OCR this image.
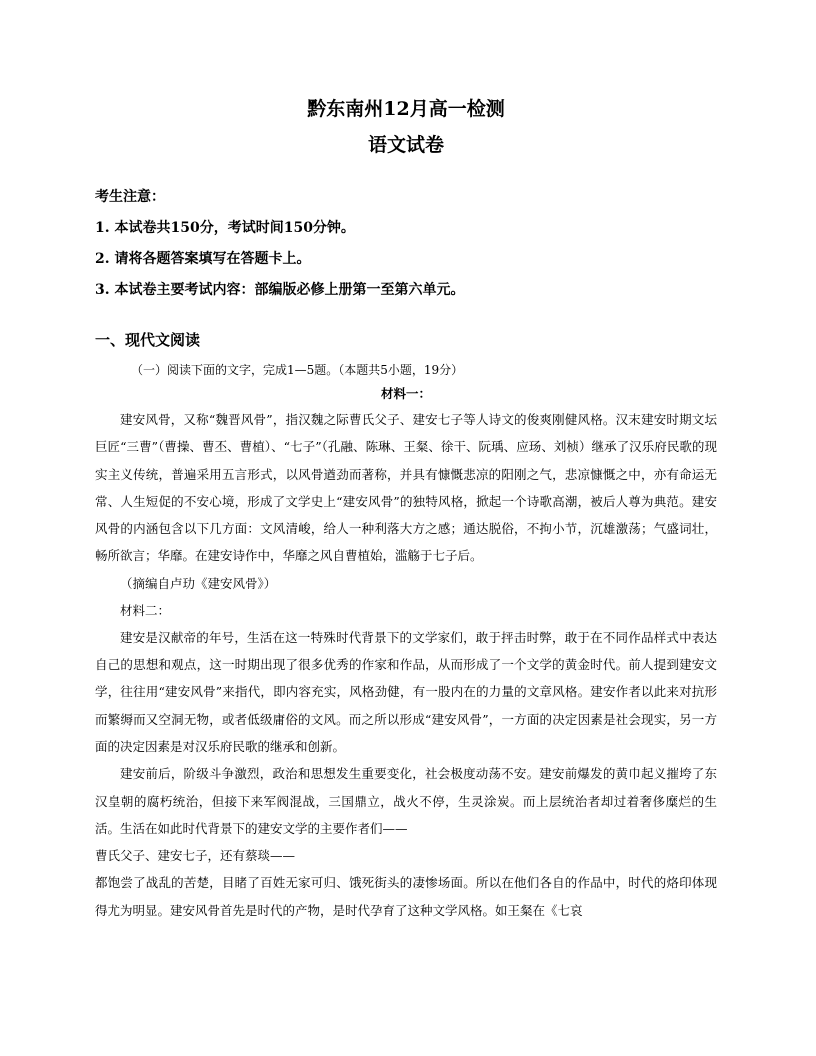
黔东南州12月高一检测
语文试卷

考生注意：

1. 本试卷共150分，考试时间150分钟。

2. 请将各题答案填写在答题卡上。

3. 本试卷主要考试内容：部编版必修上册第一至第六单元。

一、现代文阅读

（一）阅读下面的文字，完成1—5题。（本题共5小题，19分）

材料一：

建安风骨，又称“魏晋风骨”，指汉魏之际曹氏父子、建安七子等人诗文的俊爽刚健风格。汉末建安时期文坛巨匠“三曹”（曹操、曹丕、曹植）、“七子”（孔融、陈琳、王粲、徐干、阮瑀、应玚、刘桢）继承了汉乐府民歌的现实主义传统，普遍采用五言形式，以风骨遒劲而著称，并具有慷慨悲凉的阳刚之气，悲凉慷慨之中，亦有命运无常、人生短促的不安心境，形成了文学史上“建安风骨”的独特风格，掀起一个诗歌高潮，被后人尊为典范。建安风骨的内涵包含以下几方面：文风清峻，给人一种利落大方之感；通达脱俗，不拘小节，沉雄激荡；气盛词壮，畅所欲言；华靡。在建安诗作中，华靡之风自曹植始，滥觞于七子后。

（摘编自卢玏《建安风骨》）

材料二：

建安是汉献帝的年号，生活在这一特殊时代背景下的文学家们，敢于抨击时弊，敢于在不同作品样式中表达自己的思想和观点，这一时期出现了很多优秀的作家和作品，从而形成了一个文学的黄金时代。前人提到建安文学，往往用“建安风骨”来指代，即内容充实，风格劲健，有一股内在的力量的文章风格。建安作者以此来对抗形而繁缛而又空洞无物，或者低级庸俗的文风。而之所以形成“建安风骨”，一方面的决定因素是社会现实，另一方面的决定因素是对汉乐府民歌的继承和创新。

建安前后，阶级斗争激烈，政治和思想发生重要变化，社会极度动荡不安。建安前爆发的黄巾起义摧垮了东汉皇朝的腐朽统治，但接下来军阀混战，三国鼎立，战火不停，生灵涂炭。而上层统治者却过着奢侈糜烂的生活。生活在如此时代背景下的建安文学的主要作者们——

曹氏父子、建安七子，还有蔡琰——

都饱尝了战乱的苦楚，目睹了百姓无家可归、饿死街头的凄惨场面。所以在他们各自的作品中，时代的烙印体现得尤为明显。建安风骨首先是时代的产物，是时代孕育了这种文学风格。如王粲在《七哀
